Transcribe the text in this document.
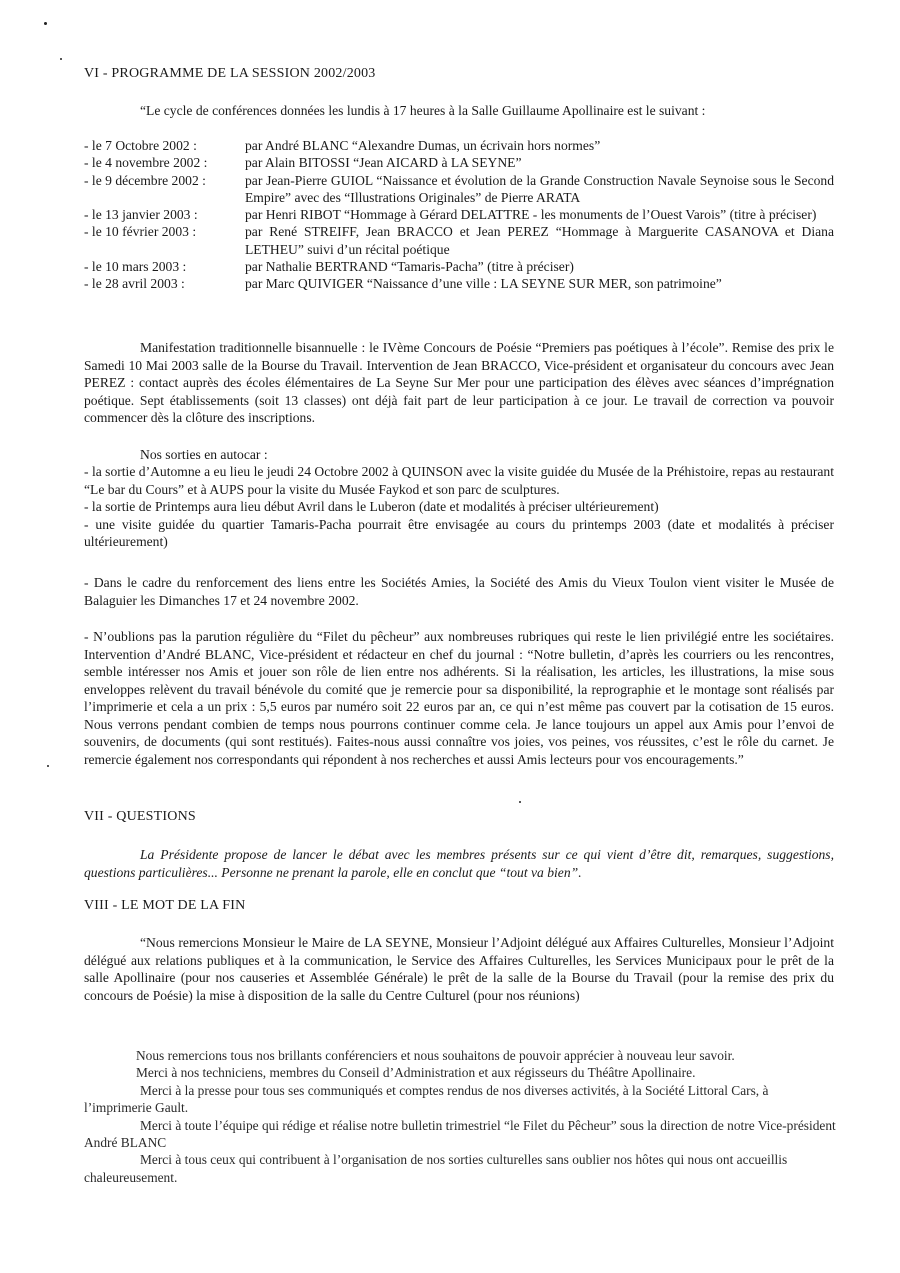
VI - PROGRAMME DE LA SESSION 2002/2003

“Le cycle de conférences données les lundis à 17 heures à la Salle Guillaume Apollinaire est le suivant :

- le 7 Octobre 2002 :	par André BLANC “Alexandre Dumas, un écrivain hors normes”
- le 4 novembre 2002 :	par Alain BITOSSI “Jean AICARD à LA SEYNE”
- le 9 décembre 2002 :	par Jean-Pierre GUIOL “Naissance et évolution de la Grande Construction Navale Seynoise sous le Second Empire” avec des “Illustrations Originales” de Pierre ARATA
- le 13 janvier 2003 :	par Henri RIBOT “Hommage à Gérard DELATTRE - les monuments de l’Ouest Varois” (titre à préciser)
- le 10 février 2003 :	par René STREIFF, Jean BRACCO et Jean PEREZ “Hommage à Marguerite CASANOVA et Diana LETHEU” suivi d’un récital poétique
- le 10 mars 2003 :	par Nathalie BERTRAND “Tamaris-Pacha” (titre à préciser)
- le 28 avril 2003 :	par Marc QUIVIGER “Naissance d’une ville : LA SEYNE SUR MER, son patrimoine”

Manifestation traditionnelle bisannuelle : le IVème Concours de Poésie “Premiers pas poétiques à l’école”. Remise des prix le Samedi 10 Mai 2003 salle de la Bourse du Travail. Intervention de Jean BRACCO, Vice-président et organisateur du concours avec Jean PEREZ : contact auprès des écoles élémentaires de La Seyne Sur Mer pour une participation des élèves avec séances d’imprégnation poétique. Sept établissements (soit 13 classes) ont déjà fait part de leur participation à ce jour. Le travail de correction va pouvoir commencer dès la clôture des inscriptions.

Nos sorties en autocar :

- la sortie d’Automne a eu lieu le jeudi 24 Octobre 2002 à QUINSON avec la visite guidée du Musée de la Préhistoire, repas au restaurant “Le bar du Cours” et à AUPS pour la visite du Musée Faykod et son parc de sculptures.

- la sortie de Printemps aura lieu début Avril dans le Luberon (date et modalités à préciser ultérieurement)

- une visite guidée du quartier Tamaris-Pacha pourrait être envisagée au cours du printemps 2003 (date et modalités à préciser ultérieurement)

- Dans le cadre du renforcement des liens entre les Sociétés Amies, la Société des Amis du Vieux Toulon vient visiter le Musée de Balaguier les Dimanches 17 et 24 novembre 2002.

- N’oublions pas la parution régulière du “Filet du pêcheur” aux nombreuses rubriques qui reste le lien privilégié entre les sociétaires. Intervention d’André BLANC, Vice-président et rédacteur en chef du journal : “Notre bulletin, d’après les courriers ou les rencontres, semble intéresser nos Amis et jouer son rôle de lien entre nos adhérents. Si la réalisation, les articles, les illustrations, la mise sous enveloppes relèvent du travail bénévole du comité que je remercie pour sa disponibilité, la reprographie et le montage sont réalisés par l’imprimerie et cela a un prix : 5,5 euros par numéro soit 22 euros par an, ce qui n’est même pas couvert par la cotisation de 15 euros. Nous verrons pendant combien de temps nous pourrons continuer comme cela. Je lance toujours un appel aux Amis pour l’envoi de souvenirs, de documents (qui sont restitués). Faites-nous aussi connaître vos joies, vos peines, vos réussites, c’est le rôle du carnet. Je remercie également nos correspondants qui répondent à nos recherches et aussi Amis lecteurs pour vos encouragements.”

VII - QUESTIONS

La Présidente propose de lancer le débat avec les membres présents sur ce qui vient d’être dit, remarques, suggestions, questions particulières... Personne ne prenant la parole, elle en conclut que “tout va bien”.

VIII - LE MOT DE LA FIN

“Nous remercions Monsieur le Maire de LA SEYNE, Monsieur l’Adjoint délégué aux Affaires Culturelles, Monsieur l’Adjoint délégué aux relations publiques et à la communication, le Service des Affaires Culturelles, les Services Municipaux pour le prêt de la salle Apollinaire (pour nos causeries et Assemblée Générale) le prêt de la salle de la Bourse du Travail (pour la remise des prix du concours de Poésie) la mise à disposition de la salle du Centre Culturel (pour nos réunions)

Nous remercions tous nos brillants conférenciers et nous souhaitons de pouvoir apprécier à nouveau leur savoir.

Merci à nos techniciens, membres du Conseil d’Administration et aux régisseurs du Théâtre Apollinaire.

Merci à la presse pour tous ses communiqués et comptes rendus de nos diverses activités, à la Société Littoral Cars, à l’imprimerie Gault.

Merci à toute l’équipe qui rédige et réalise notre bulletin trimestriel “le Filet du Pêcheur” sous la direction de notre Vice-président André BLANC

Merci à tous ceux qui contribuent à l’organisation de nos sorties culturelles sans oublier nos hôtes qui nous ont accueillis chaleureusement.
